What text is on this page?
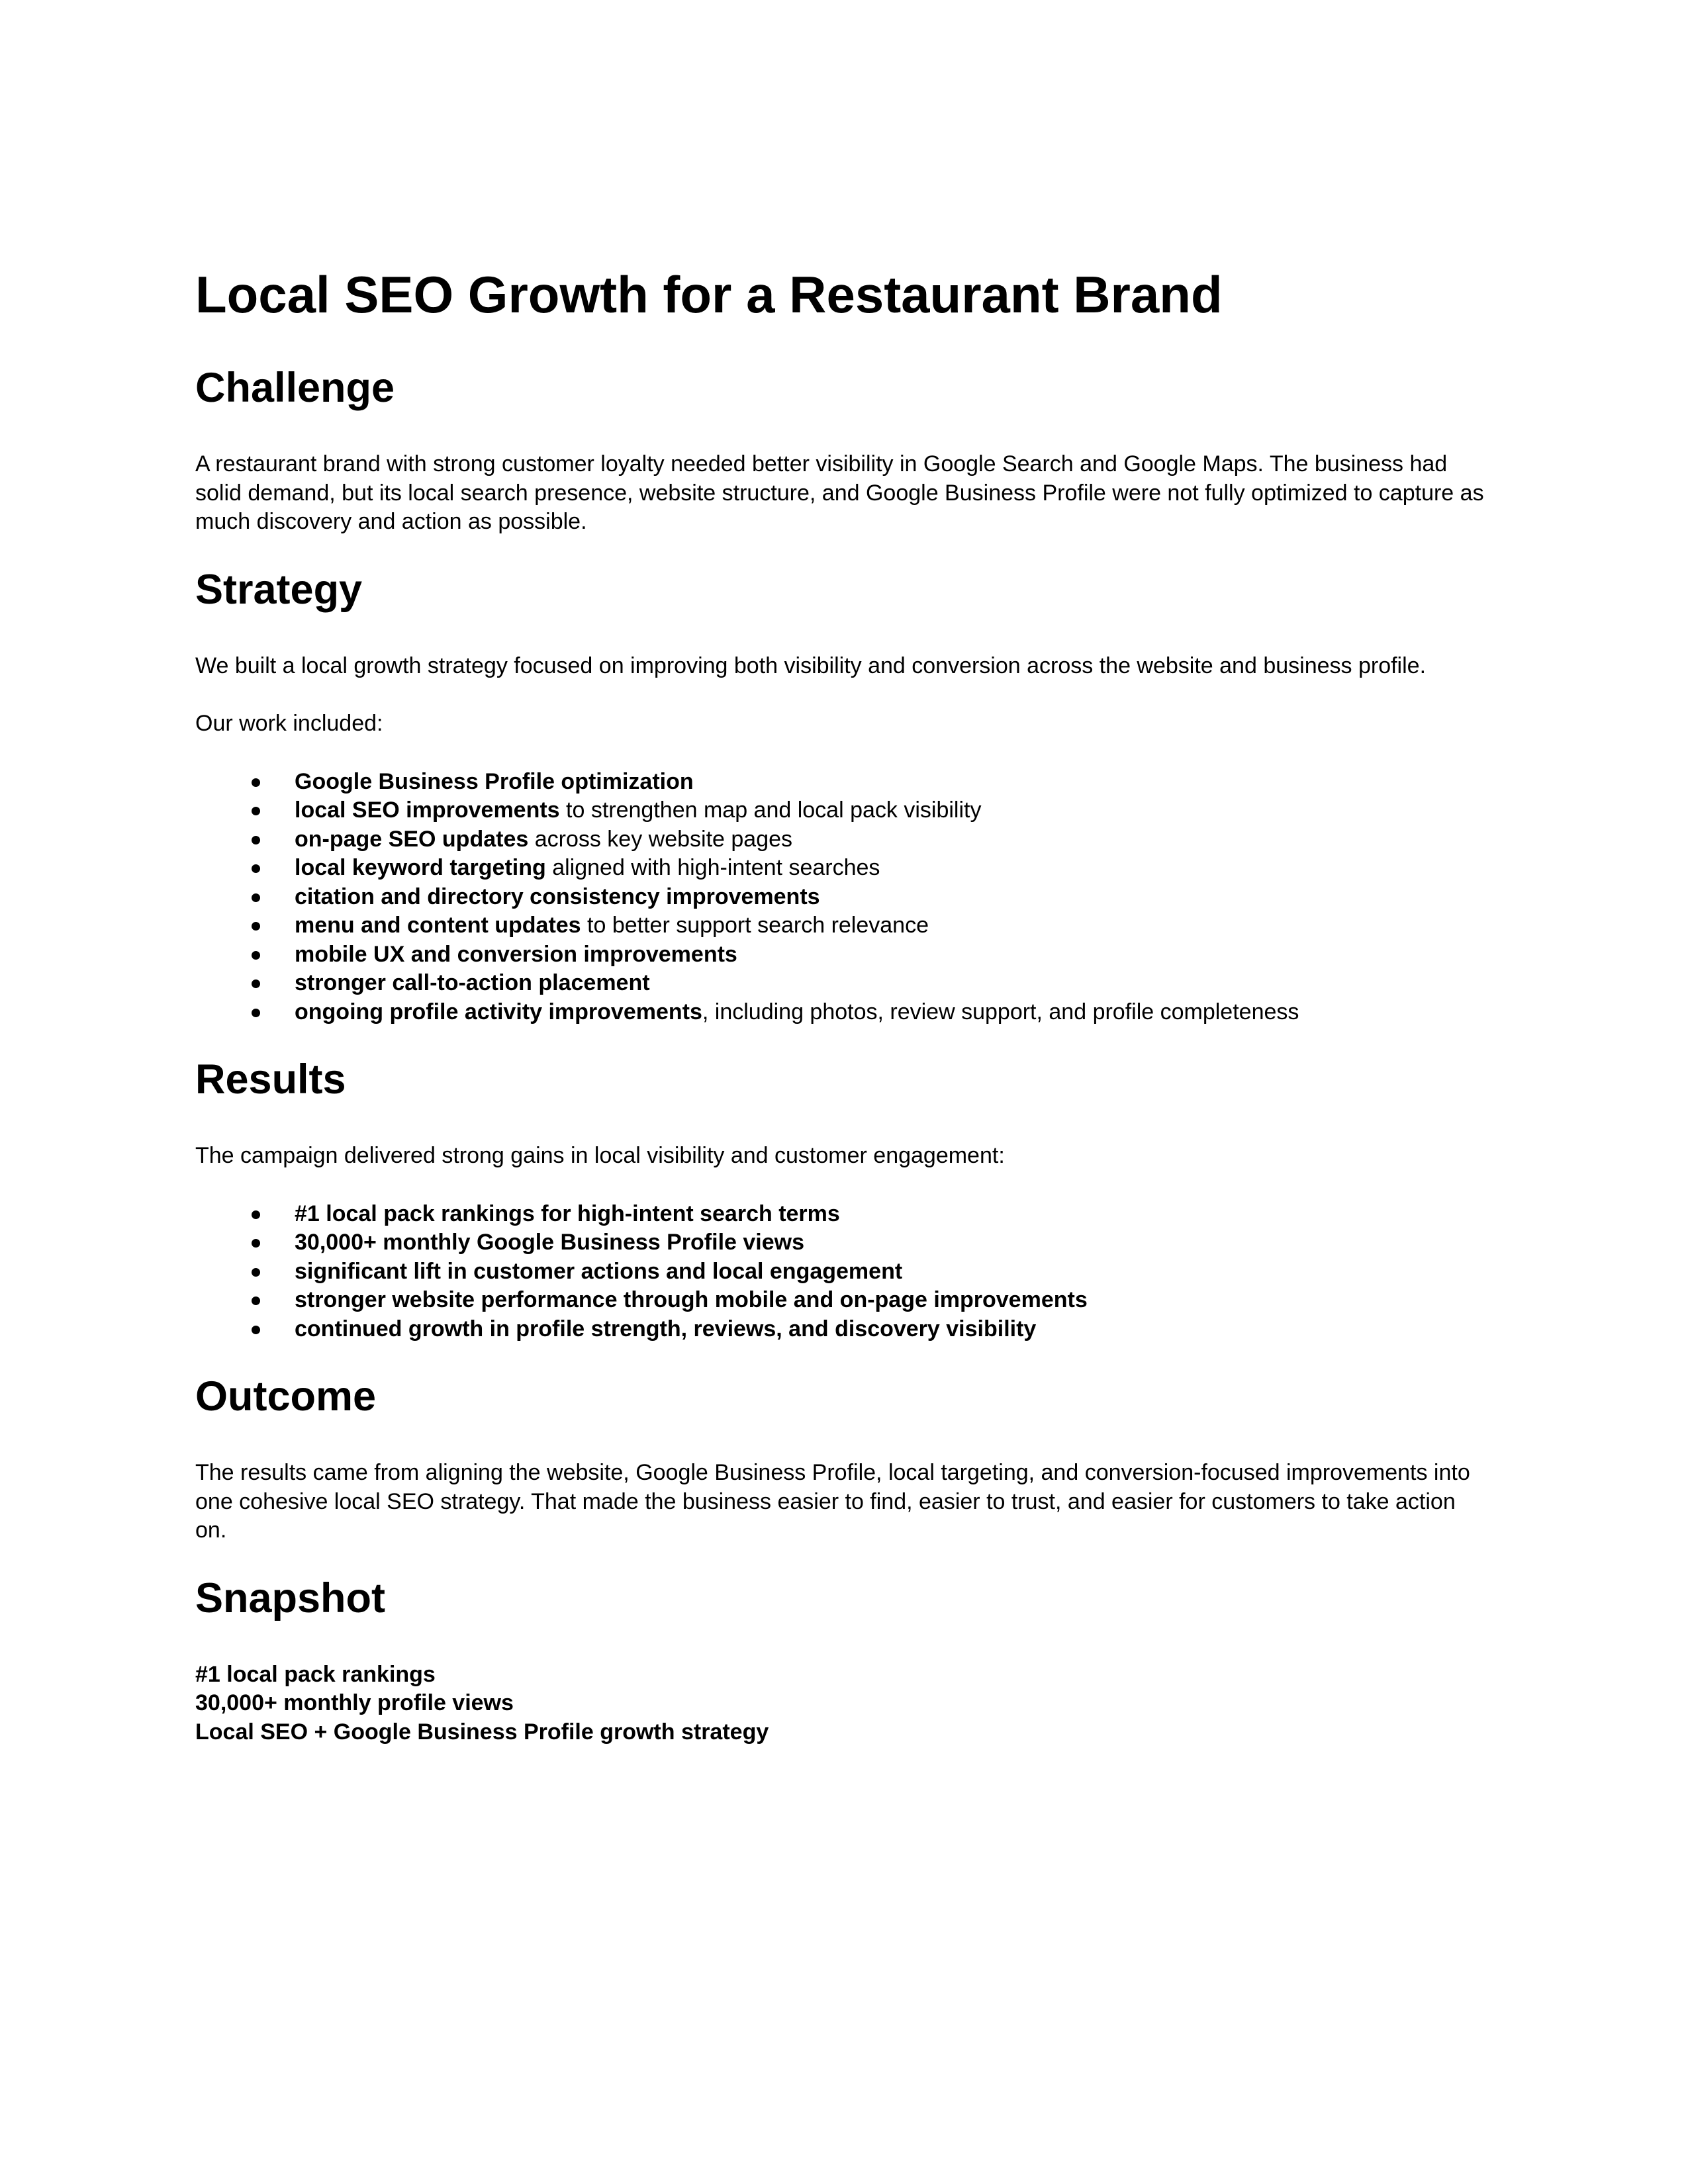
Local SEO Growth for a Restaurant Brand
Challenge

A restaurant brand with strong customer loyalty needed better visibility in Google Search and Google Maps. The business had solid demand, but its local search presence, website structure, and Google Business Profile were not fully optimized to capture as much discovery and action as possible.

Strategy

We built a local growth strategy focused on improving both visibility and conversion across the website and business profile.

Our work included:

Google Business Profile optimization
local SEO improvements to strengthen map and local pack visibility
on-page SEO updates across key website pages
local keyword targeting aligned with high-intent searches
citation and directory consistency improvements
menu and content updates to better support search relevance
mobile UX and conversion improvements
stronger call-to-action placement
ongoing profile activity improvements, including photos, review support, and profile completeness
Results

The campaign delivered strong gains in local visibility and customer engagement:

#1 local pack rankings for high-intent search terms
30,000+ monthly Google Business Profile views
significant lift in customer actions and local engagement
stronger website performance through mobile and on-page improvements
continued growth in profile strength, reviews, and discovery visibility
Outcome

The results came from aligning the website, Google Business Profile, local targeting, and conversion-focused improvements into one cohesive local SEO strategy. That made the business easier to find, easier to trust, and easier for customers to take action on.

Snapshot
#1 local pack rankings
30,000+ monthly profile views
Local SEO + Google Business Profile growth strategy
